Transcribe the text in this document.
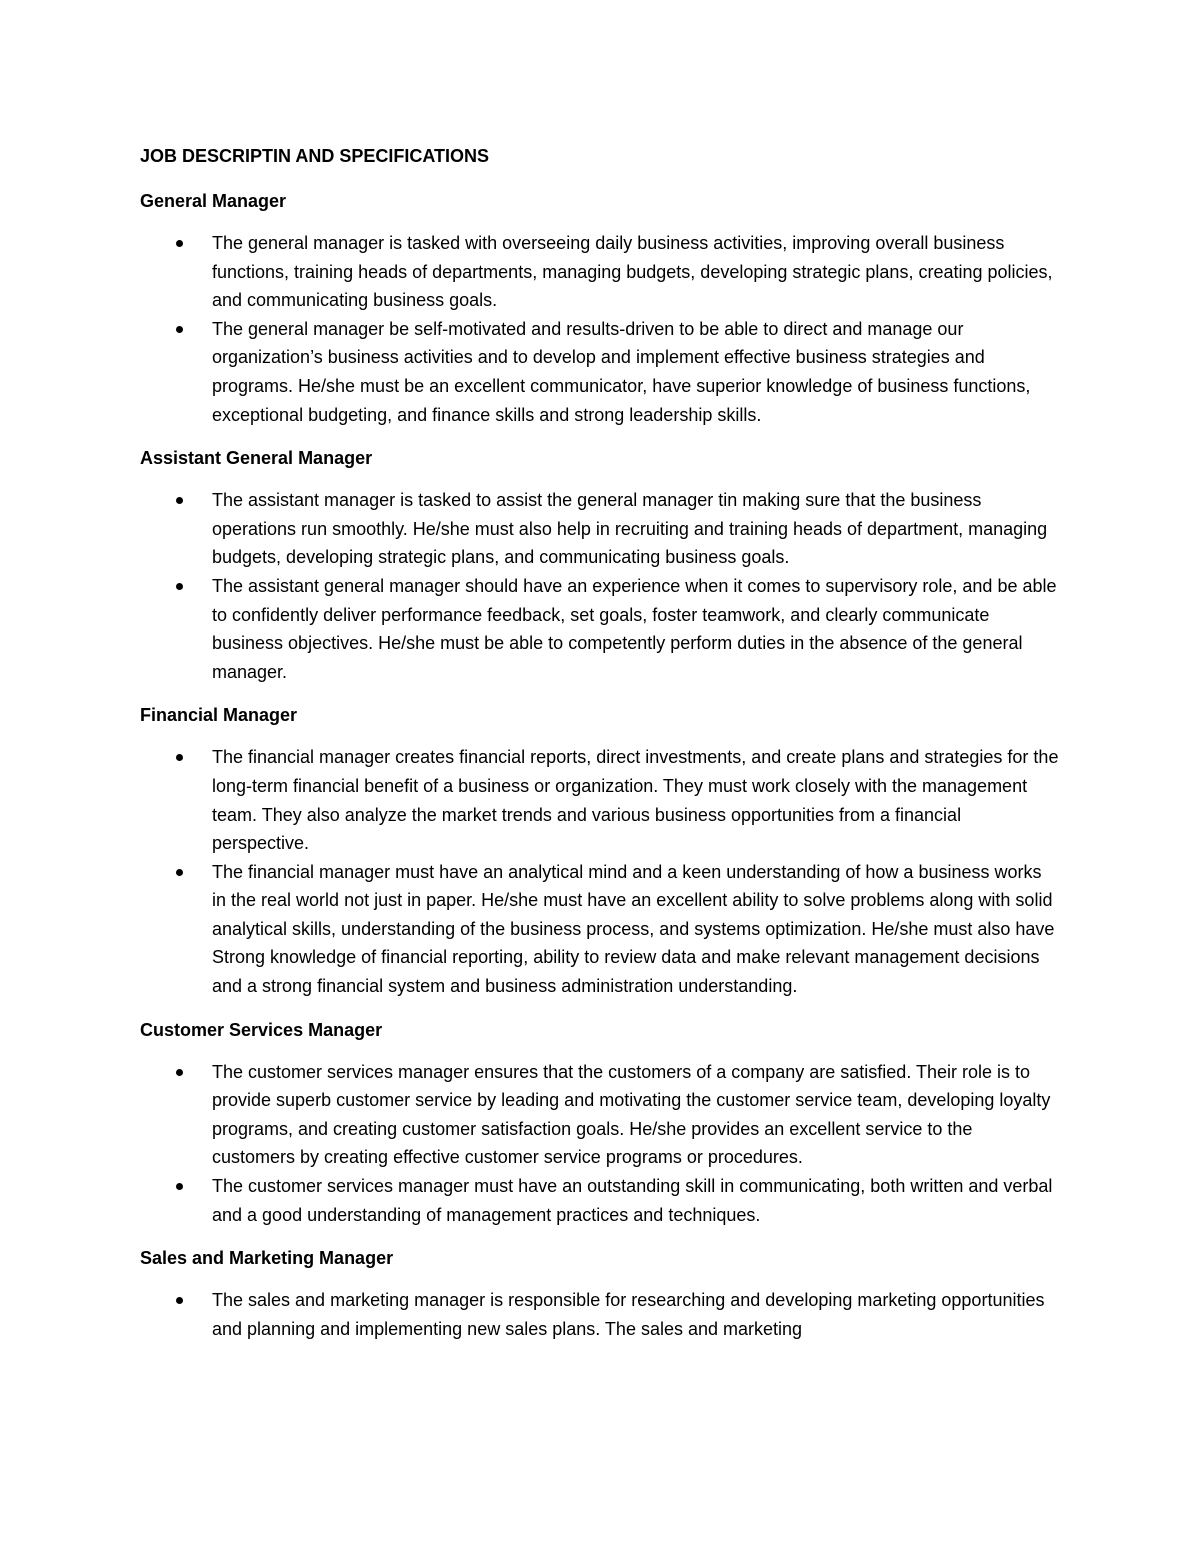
JOB DESCRIPTIN AND SPECIFICATIONS
General Manager
The general manager is tasked with overseeing daily business activities, improving overall business functions, training heads of departments, managing budgets, developing strategic plans, creating policies, and communicating business goals.
The general manager be self-motivated and results-driven to be able to direct and manage our organization’s business activities and to develop and implement effective business strategies and programs. He/she must be an excellent communicator, have superior knowledge of business functions, exceptional budgeting, and finance skills and strong leadership skills.
Assistant General Manager
The assistant manager is tasked to assist the general manager tin making sure that the business operations run smoothly. He/she must also help in recruiting and training heads of department, managing budgets, developing strategic plans, and communicating business goals.
The assistant general manager should have an experience when it comes to supervisory role, and be able to confidently deliver performance feedback, set goals, foster teamwork, and clearly communicate business objectives. He/she must be able to competently perform duties in the absence of the general manager.
Financial Manager
The financial manager creates financial reports, direct investments, and create plans and strategies for the long-term financial benefit of a business or organization. They must work closely with the management team. They also analyze the market trends and various business opportunities from a financial perspective.
The financial manager must have an analytical mind and a keen understanding of how a business works in the real world not just in paper. He/she must have an excellent ability to solve problems along with solid analytical skills, understanding of the business process, and systems optimization. He/she must also have Strong knowledge of financial reporting, ability to review data and make relevant management decisions and a strong financial system and business administration understanding.
Customer Services Manager
The customer services manager ensures that the customers of a company are satisfied. Their role is to provide superb customer service by leading and motivating the customer service team, developing loyalty programs, and creating customer satisfaction goals. He/she provides an excellent service to the customers by creating effective customer service programs or procedures.
The customer services manager must have an outstanding skill in communicating, both written and verbal and a good understanding of management practices and techniques.
Sales and Marketing Manager
The sales and marketing manager is responsible for researching and developing marketing opportunities and planning and implementing new sales plans. The sales and marketing
